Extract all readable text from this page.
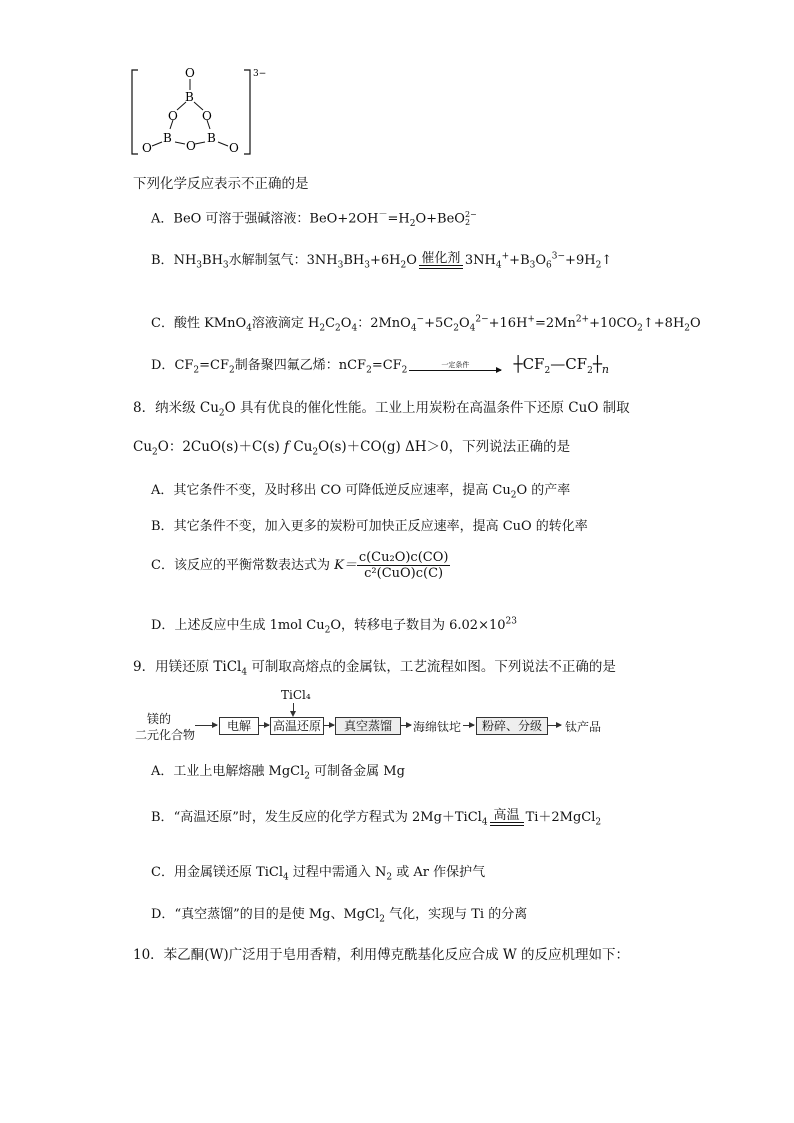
O
B
O
O
B
O
B
O	O
3−
下列化学反应表示不正确的是
A．BeO 可溶于强碱溶液：$BeO+2OH^-=H_2O+BeO$ 2−
2
B．$NH_3BH_3$水解制氢气：$3NH_3BH_3+6H_2O$ 催化剂 $3NH_4^++B_3O_6^{3-}+9H_2↑$
C．酸性 KMnO$_4$溶液滴定 $H_2C_2O_4$：$2MnO_4^-+5C_2O_4^{2-}+16H^+=2Mn^{2+}+10CO_2↑+8H_2O$
D．$CF_2=CF_2$制备聚四氟乙烯：$nCF_2=CF_2$
一定条件	$┼CF_2—CF_2┼_n$
8．纳米级 $Cu_2O$ 具有优良的催化性能。工业上用炭粉在高温条件下还原 CuO 制取
$Cu_2O$：2CuO(s)＋C(s) f $Cu_2O(s)+CO(g)$ ΔH＞0，下列说法正确的是
A．其它条件不变，及时移出 CO 可降低逆反应速率，提高 $Cu_2O$ 的产率
B．其它条件不变，加入更多的炭粉可加快正反应速率，提高 CuO 的转化率
C．该反应的平衡常数表达式为 $K= \frac{\text{c(Cu₂O)c(CO)}}{\text{c²(CuO)c(C)}}$
D．上述反应中生成 1mol $Cu_2O$，转移电子数目为 $6.02\times 10^{23}$
9．用镁还原 TiCl$_4$ 可制取高熔点的金属钛，工艺流程如图。下列说法不正确的是
镁的
二元化合物
电解
TiCl₄
高温还原	真空蒸馏	海绵钛坨	粉碎、分级	钛产品
A．工业上电解熔融 MgCl$_2$ 可制备金属 Mg
B．“高温还原”时，发生反应的化学方程式为 2Mg＋TiCl$_4$ 高温 Ti＋2MgCl$_2$
C．用金属镁还原 TiCl$_4$ 过程中需通入 $N_2$ 或 Ar 作保护气
D．“真空蒸馏”的目的是使 Mg、MgCl$_2$ 气化，实现与 Ti 的分离
10．苯乙酮(W)广泛用于皂用香精，利用傅克酰基化反应合成 W 的反应机理如下：
